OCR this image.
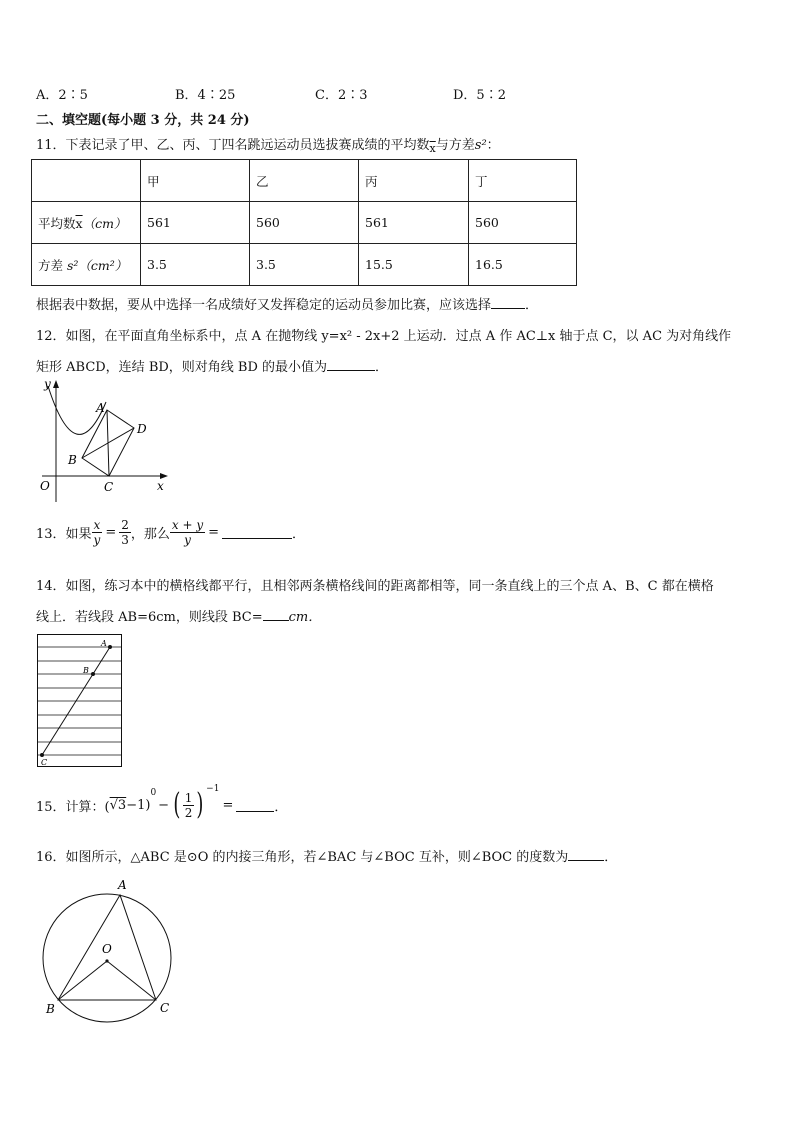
A．2∶5	B．4∶25	C．2∶3	D．5∶2
二、填空题(每小题 3 分，共 24 分)
11．下表记录了甲、乙、丙、丁四名跳远运动员选拔赛成绩的平均数$_{\overline{x}}$与方差s²：
	甲	乙	丙	丁
平均数$\overline{x}(cm)$	561	560	561	560
方差 s²（cm²）	3.5	3.5	15.5	16.5
根据表中数据，要从中选择一名成绩好又发挥稳定的运动员参加比赛，应该选择	．
12．如图，在平面直角坐标系中，点 A 在抛物线 y=x² - 2x+2 上运动．过点 A 作 AC⊥x 轴于点 C，以 AC 为对角线作
矩形 ABCD，连结 BD，则对角线 BD 的最小值为	．
y
x
O
A
B
C
D
13．如果 $\frac{x}{y} = \frac{2}{3}$ ，那么 $\frac{x + y}{y}$ =	．
14．如图，练习本中的横格线都平行，且相邻两条横格线间的距离都相等，同一条直线上的三个点 A、B、C 都在横格
线上．若线段 AB=6cm，则线段 BC= cm．
A
B
C
15．计算：( √3 −1)
$^0$
− ( $\frac{1}{2}$ ) $^{-1}$
=	．
16．如图所示，△ABC 是⊙O 的内接三角形，若∠BAC 与∠BOC 互补，则∠BOC 的度数为	．
A
O
B	C
